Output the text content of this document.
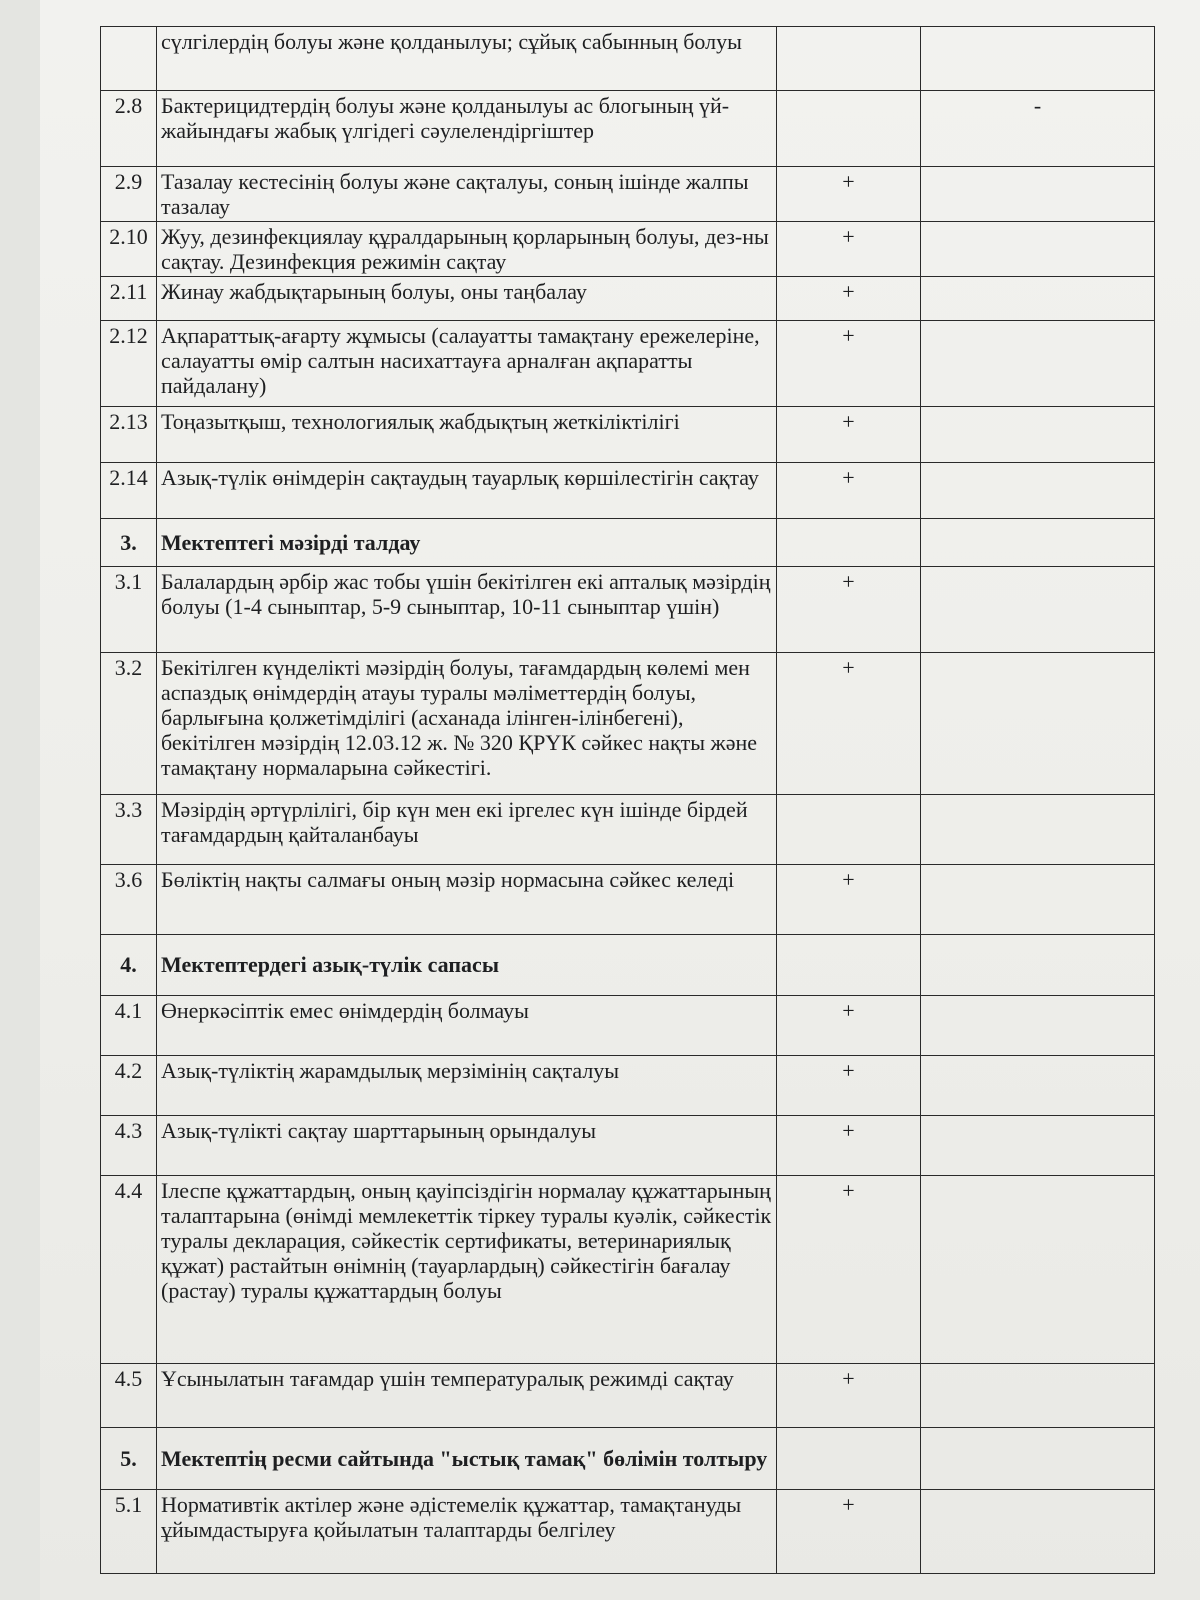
	сүлгілердің болуы және қолданылуы; сұйық сабынның болуы		
2.8	Бактерицидтердің болуы және қолданылуы ас блогының үй-жайындағы жабық үлгідегі сәулелендіргіштер		-
2.9	Тазалау кестесінің болуы және сақталуы, соның ішінде жалпы тазалау	+	
2.10	Жуу, дезинфекциялау құралдарының қорларының болуы, дез-ны сақтау. Дезинфекция режимін сақтау	+	
2.11	Жинау жабдықтарының болуы, оны таңбалау	+	
2.12	Ақпараттық-ағарту жұмысы (салауатты тамақтану ережелеріне, салауатты өмір салтын насихаттауға арналған ақпаратты пайдалану)	+	
2.13	Тоңазытқыш, технологиялық жабдықтың жеткіліктілігі	+	
2.14	Азық-түлік өнімдерін сақтаудың тауарлық көршілестігін сақтау	+	
3.	Мектептегі мәзірді талдау		
3.1	Балалардың әрбір жас тобы үшін бекітілген екі апталық мәзірдің болуы (1-4 сыныптар, 5-9 сыныптар, 10-11 сыныптар үшін)	+	
3.2	Бекітілген күнделікті мәзірдің болуы, тағамдардың көлемі мен аспаздық өнімдердің атауы туралы мәліметтердің болуы, барлығына қолжетімділігі (асханада ілінген-ілінбегені), бекітілген мәзірдің 12.03.12 ж. № 320 ҚРҮК сәйкес нақты және тамақтану нормаларына сәйкестігі.	+	
3.3	Мәзірдің әртүрлілігі, бір күн мен екі іргелес күн ішінде бірдей тағамдардың қайталанбауы		
3.6	Бөліктің нақты салмағы оның мәзір нормасына сәйкес келеді	+	
4.	Мектептердегі азық-түлік сапасы		
4.1	Өнеркәсіптік емес өнімдердің болмауы	+	
4.2	Азық-түліктің жарамдылық мерзімінің сақталуы	+	
4.3	Азық-түлікті сақтау шарттарының орындалуы	+	
4.4	Ілеспе құжаттардың, оның қауіпсіздігін нормалау құжаттарының талаптарына (өнімді мемлекеттік тіркеу туралы куәлік, сәйкестік туралы декларация, сәйкестік сертификаты, ветеринариялық құжат) растайтын өнімнің (тауарлардың) сәйкестігін бағалау (растау) туралы құжаттардың болуы	+	
4.5	Ұсынылатын тағамдар үшін температуралық режимді сақтау	+	
5.	Мектептің ресми сайтында "ыстық тамақ" бөлімін толтыру		
5.1	Нормативтік актілер және әдістемелік құжаттар, тамақтануды ұйымдастыруға қойылатын талаптарды белгілеу	+	
